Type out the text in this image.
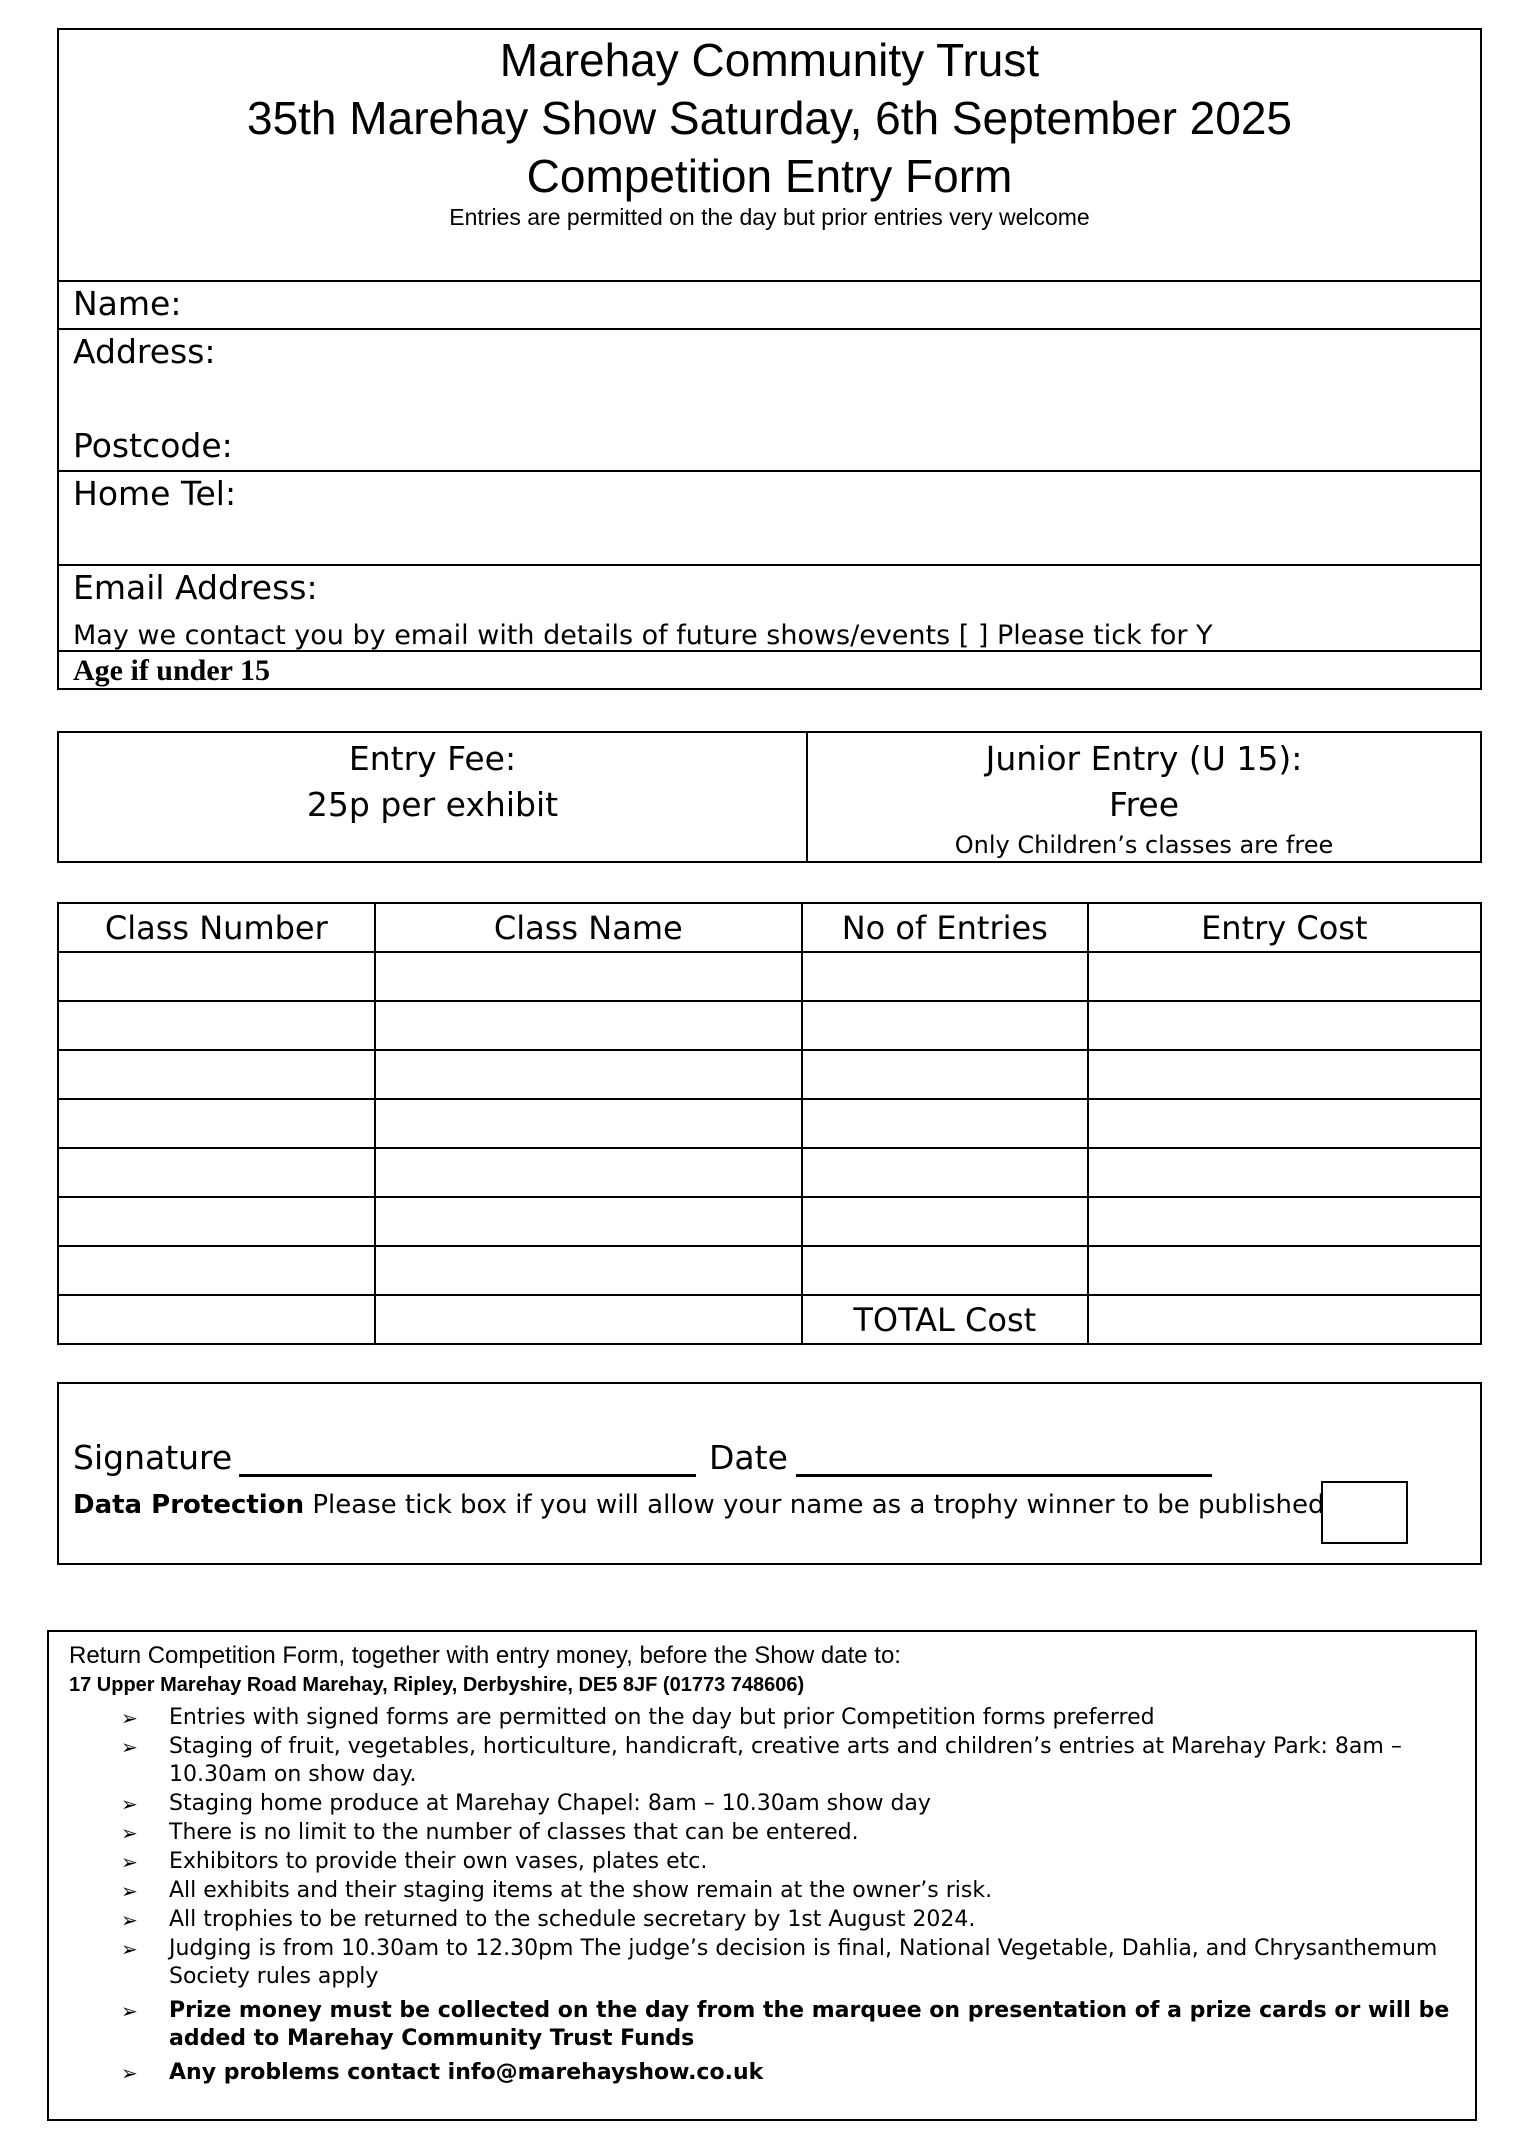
Marehay Community Trust
35th Marehay Show Saturday, 6th September 2025
Competition Entry Form
Entries are permitted on the day but prior entries very welcome
Name:
Address:
Postcode:
Home Tel:
Email Address:
May we contact you by email with details of future shows/events [ ] Please tick for Y
Age if under 15
Entry Fee:
25p per exhibit
Junior Entry (U 15):
Free
Only Children’s classes are free
Class Number	Class Name	No of Entries	Entry Cost

		TOTAL Cost	
Signature	Date
Data Protection Please tick box if you will allow your name as a trophy winner to be published
Return Competition Form, together with entry money, before the Show date to:
17 Upper Marehay Road Marehay, Ripley, Derbyshire, DE5 8JF (01773 748606)
➢ Entries with signed forms are permitted on the day but prior Competition forms preferred
➢ Staging of fruit, vegetables, horticulture, handicraft, creative arts and children’s entries at Marehay Park: 8am – 10.30am on show day.
➢ Staging home produce at Marehay Chapel: 8am – 10.30am show day
➢ There is no limit to the number of classes that can be entered.
➢ Exhibitors to provide their own vases, plates etc.
➢ All exhibits and their staging items at the show remain at the owner’s risk.
➢ All trophies to be returned to the schedule secretary by 1st August 2024.
➢ Judging is from 10.30am to 12.30pm The judge’s decision is final, National Vegetable, Dahlia, and Chrysanthemum Society rules apply
➢ Prize money must be collected on the day from the marquee on presentation of a prize cards or will be added to Marehay Community Trust Funds
➢ Any problems contact info@marehayshow.co.uk
